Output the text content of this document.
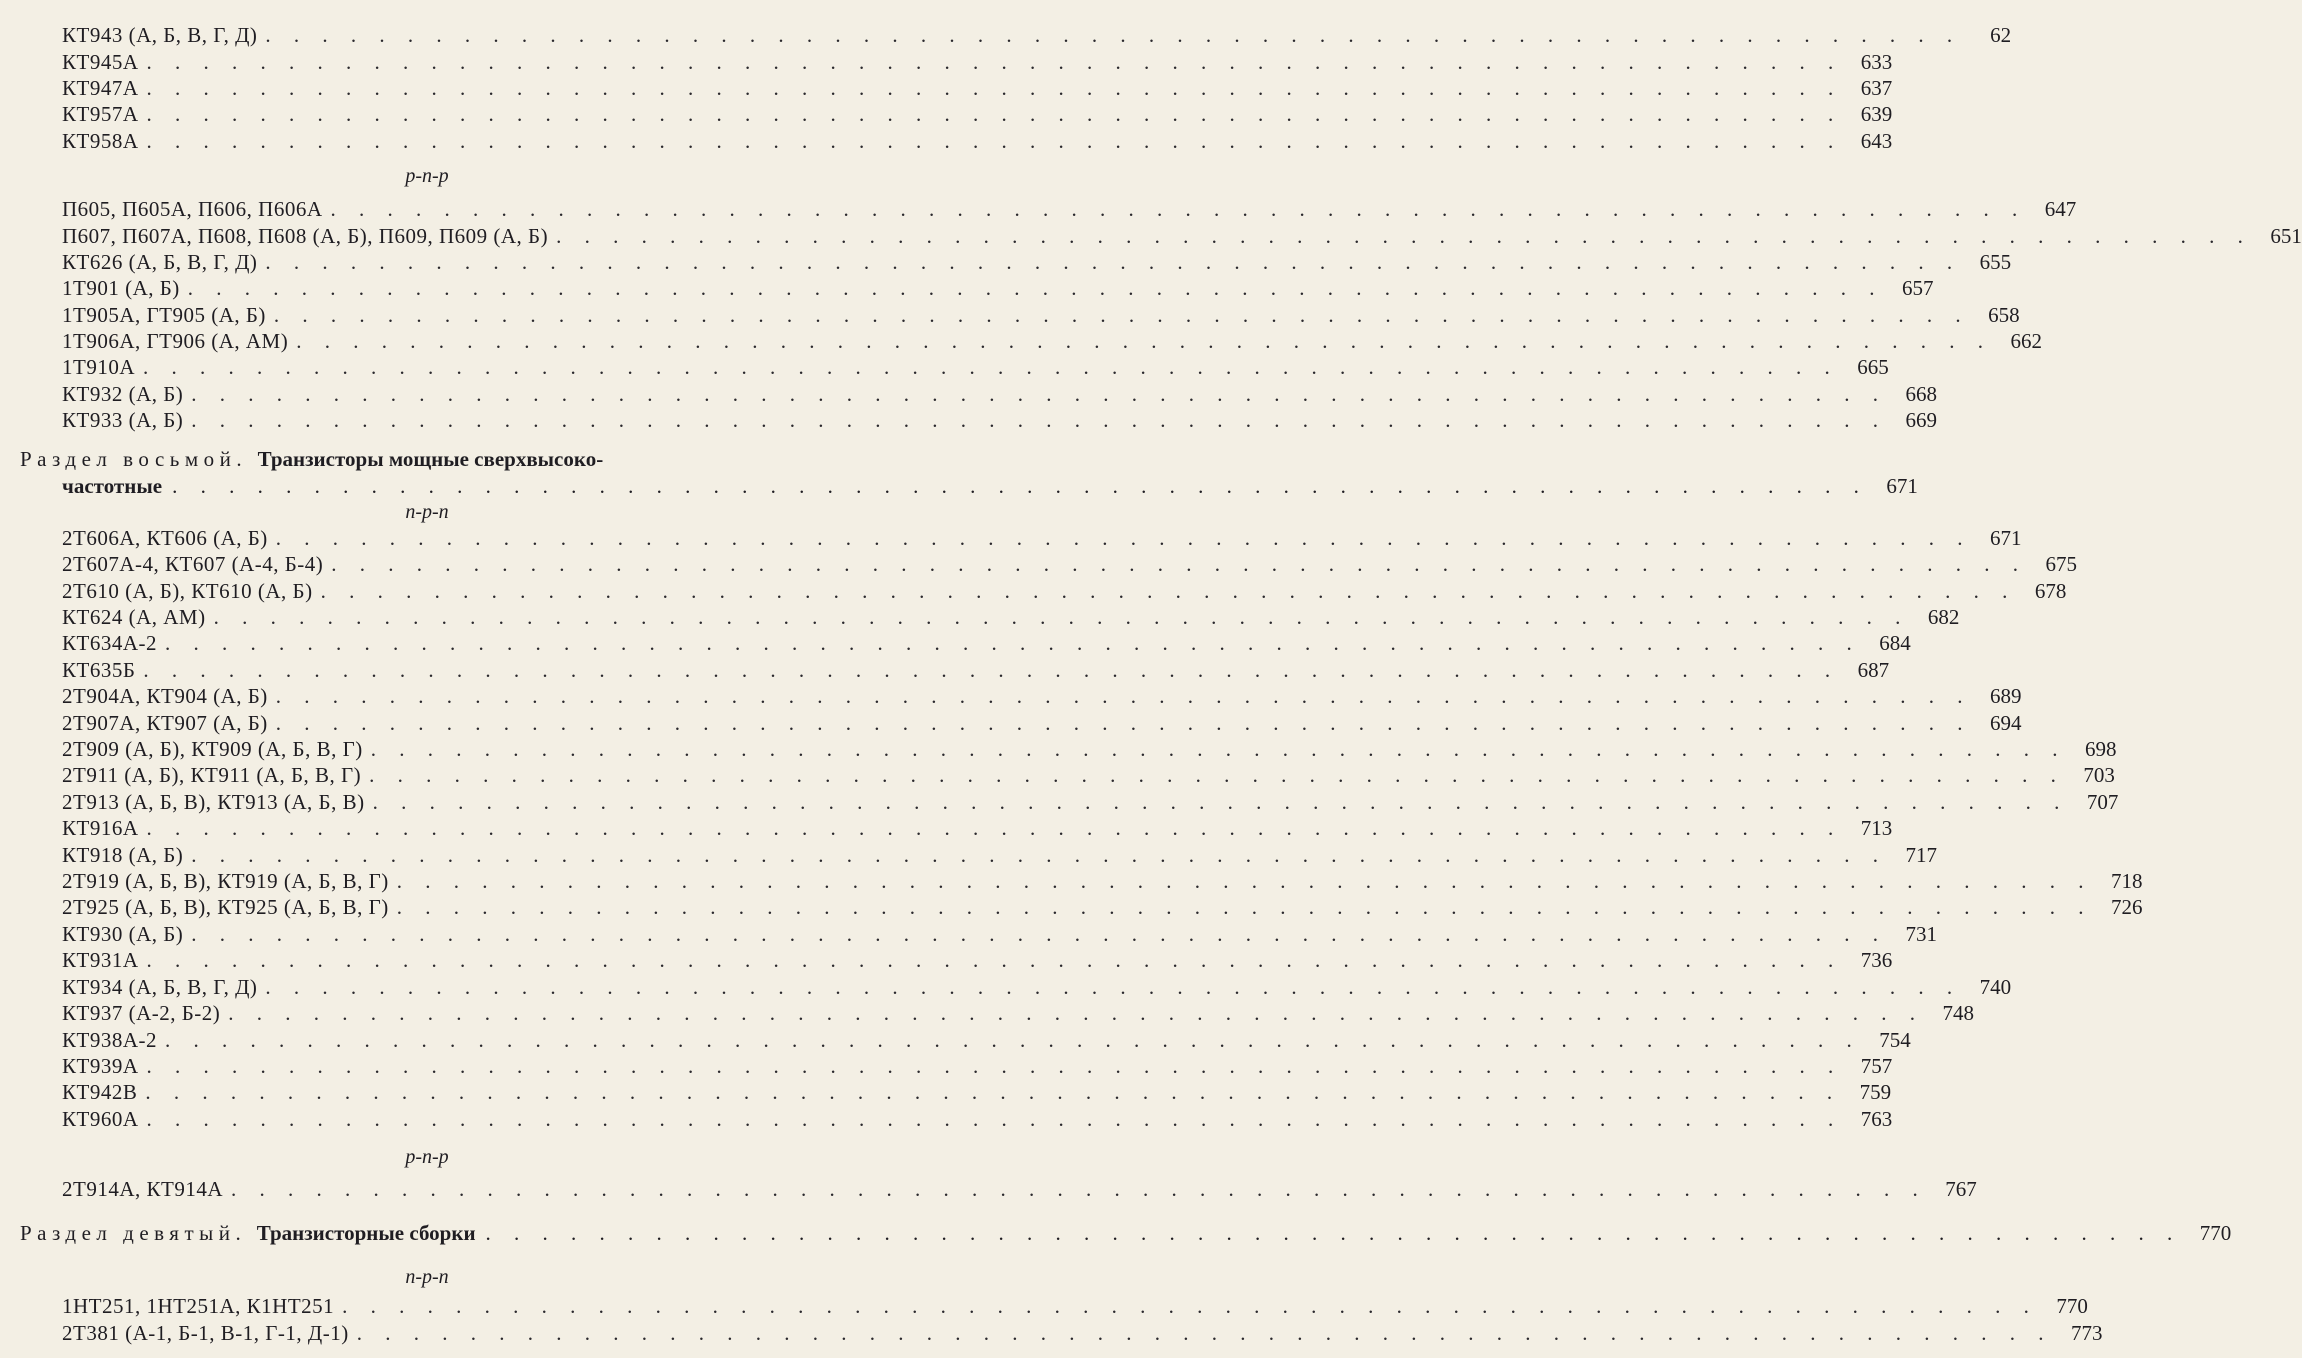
КТ943 (А, Б, В, Г, Д) . . . . . . . . . . . . . . . . . . . . . . . . . . . . . . . . . . . . . . . . . . . . . . . . . . . . . . . . . . . .	62
КТ945А . . . . . . . . . . . . . . . . . . . . . . . . . . . . . . . . . . . . . . . . . . . . . . . . . . . . . . . . . . . . 633
КТ947А . . . . . . . . . . . . . . . . . . . . . . . . . . . . . . . . . . . . . . . . . . . . . . . . . . . . . . . . . . . . 637
КТ957А . . . . . . . . . . . . . . . . . . . . . . . . . . . . . . . . . . . . . . . . . . . . . . . . . . . . . . . . . . . . 639
КТ958А . . . . . . . . . . . . . . . . . . . . . . . . . . . . . . . . . . . . . . . . . . . . . . . . . . . . . . . . . . . . 643
р-п-р
П605, П605А, П606, П606А . . . . . . . . . . . . . . . . . . . . . . . . . . . . . . . . . . . . . . . . . . . . . . . . . . . . . . . . . . . . 647
П607, П607А, П608, П608 (А, Б), П609, П609 (А, Б) . . . . . . . . . . . . . . . . . . . . . . . . . . . . . . . . . . . . . . . . . . . . . . . . . . . . . . . . . . . . 651
КТ626 (А, Б, В, Г, Д) . . . . . . . . . . . . . . . . . . . . . . . . . . . . . . . . . . . . . . . . . . . . . . . . . . . . . . . . . . . . 655
1Т901 (А, Б) . . . . . . . . . . . . . . . . . . . . . . . . . . . . . . . . . . . . . . . . . . . . . . . . . . . . . . . . . . . . 657
1Т905А, ГТ905 (А, Б) . . . . . . . . . . . . . . . . . . . . . . . . . . . . . . . . . . . . . . . . . . . . . . . . . . . . . . . . . . . . 658
1Т906А, ГТ906 (А, АМ) . . . . . . . . . . . . . . . . . . . . . . . . . . . . . . . . . . . . . . . . . . . . . . . . . . . . . . . . . . . . 662
1Т910А . . . . . . . . . . . . . . . . . . . . . . . . . . . . . . . . . . . . . . . . . . . . . . . . . . . . . . . . . . . . 665
КТ932 (А, Б) . . . . . . . . . . . . . . . . . . . . . . . . . . . . . . . . . . . . . . . . . . . . . . . . . . . . . . . . . . . . 668
КТ933 (А, Б) . . . . . . . . . . . . . . . . . . . . . . . . . . . . . . . . . . . . . . . . . . . . . . . . . . . . . . . . . . . . 669
Раздел восьмой.
Транзисторы мощные сверхвысоко-
частотные . . . . . . . . . . . . . . . . . . . . . . . . . . . . . . . . . . . . . . . . . . . . . . . . . . . . . . . . . . . . 671
п-р-п
2Т606А, КТ606 (А, Б) . . . . . . . . . . . . . . . . . . . . . . . . . . . . . . . . . . . . . . . . . . . . . . . . . . . . . . . . . . . . 671
2Т607А-4, КТ607 (А-4, Б-4) . . . . . . . . . . . . . . . . . . . . . . . . . . . . . . . . . . . . . . . . . . . . . . . . . . . . . . . . . . . . 675
2Т610 (А, Б), КТ610 (А, Б) . . . . . . . . . . . . . . . . . . . . . . . . . . . . . . . . . . . . . . . . . . . . . . . . . . . . . . . . . . . . 678
КТ624 (А, АМ) . . . . . . . . . . . . . . . . . . . . . . . . . . . . . . . . . . . . . . . . . . . . . . . . . . . . . . . . . . . . 682
КТ634А-2 . . . . . . . . . . . . . . . . . . . . . . . . . . . . . . . . . . . . . . . . . . . . . . . . . . . . . . . . . . . . 684
КТ635Б . . . . . . . . . . . . . . . . . . . . . . . . . . . . . . . . . . . . . . . . . . . . . . . . . . . . . . . . . . . . 687
2Т904А, КТ904 (А, Б) . . . . . . . . . . . . . . . . . . . . . . . . . . . . . . . . . . . . . . . . . . . . . . . . . . . . . . . . . . . . 689
2Т907А, КТ907 (А, Б) . . . . . . . . . . . . . . . . . . . . . . . . . . . . . . . . . . . . . . . . . . . . . . . . . . . . . . . . . . . . 694
2Т909 (А, Б), КТ909 (А, Б, В, Г) . . . . . . . . . . . . . . . . . . . . . . . . . . . . . . . . . . . . . . . . . . . . . . . . . . . . . . . . . . . . 698
2Т911 (А, Б), КТ911 (А, Б, В, Г) . . . . . . . . . . . . . . . . . . . . . . . . . . . . . . . . . . . . . . . . . . . . . . . . . . . . . . . . . . . . 703
2Т913 (А, Б, В), КТ913 (А, Б, В) . . . . . . . . . . . . . . . . . . . . . . . . . . . . . . . . . . . . . . . . . . . . . . . . . . . . . . . . . . . . 707
КТ916А . . . . . . . . . . . . . . . . . . . . . . . . . . . . . . . . . . . . . . . . . . . . . . . . . . . . . . . . . . . . 713
КТ918 (А, Б) . . . . . . . . . . . . . . . . . . . . . . . . . . . . . . . . . . . . . . . . . . . . . . . . . . . . . . . . . . . . 717
2Т919 (А, Б, В), КТ919 (А, Б, В, Г) . . . . . . . . . . . . . . . . . . . . . . . . . . . . . . . . . . . . . . . . . . . . . . . . . . . . . . . . . . . . 718
2Т925 (А, Б, В), КТ925 (А, Б, В, Г) . . . . . . . . . . . . . . . . . . . . . . . . . . . . . . . . . . . . . . . . . . . . . . . . . . . . . . . . . . . . 726
КТ930 (А, Б) . . . . . . . . . . . . . . . . . . . . . . . . . . . . . . . . . . . . . . . . . . . . . . . . . . . . . . . . . . . . 731
КТ931А . . . . . . . . . . . . . . . . . . . . . . . . . . . . . . . . . . . . . . . . . . . . . . . . . . . . . . . . . . . . 736
КТ934 (А, Б, В, Г, Д) . . . . . . . . . . . . . . . . . . . . . . . . . . . . . . . . . . . . . . . . . . . . . . . . . . . . . . . . . . . . 740
КТ937 (А-2, Б-2) . . . . . . . . . . . . . . . . . . . . . . . . . . . . . . . . . . . . . . . . . . . . . . . . . . . . . . . . . . . . 748
КТ938А-2 . . . . . . . . . . . . . . . . . . . . . . . . . . . . . . . . . . . . . . . . . . . . . . . . . . . . . . . . . . . . 754
КТ939А . . . . . . . . . . . . . . . . . . . . . . . . . . . . . . . . . . . . . . . . . . . . . . . . . . . . . . . . . . . . 757
КТ942В . . . . . . . . . . . . . . . . . . . . . . . . . . . . . . . . . . . . . . . . . . . . . . . . . . . . . . . . . . . . 759
КТ960А . . . . . . . . . . . . . . . . . . . . . . . . . . . . . . . . . . . . . . . . . . . . . . . . . . . . . . . . . . . . 763
р-п-р
2Т914А, КТ914А . . . . . . . . . . . . . . . . . . . . . . . . . . . . . . . . . . . . . . . . . . . . . . . . . . . . . . . . . . . . 767
Раздел девятый.
Транзисторные сборки . . . . . . . . . . . . . . . . . . . . . . . . . . . . . . . . . . . . . . . . . . . . . . . . . . . . . . . . . . . . 770
п-р-п
1НТ251, 1НТ251А, К1НТ251 . . . . . . . . . . . . . . . . . . . . . . . . . . . . . . . . . . . . . . . . . . . . . . . . . . . . . . . . . . . . 770
2Т381 (А-1, Б-1, В-1, Г-1, Д-1) . . . . . . . . . . . . . . . . . . . . . . . . . . . . . . . . . . . . . . . . . . . . . . . . . . . . . . . . . . . . 773
